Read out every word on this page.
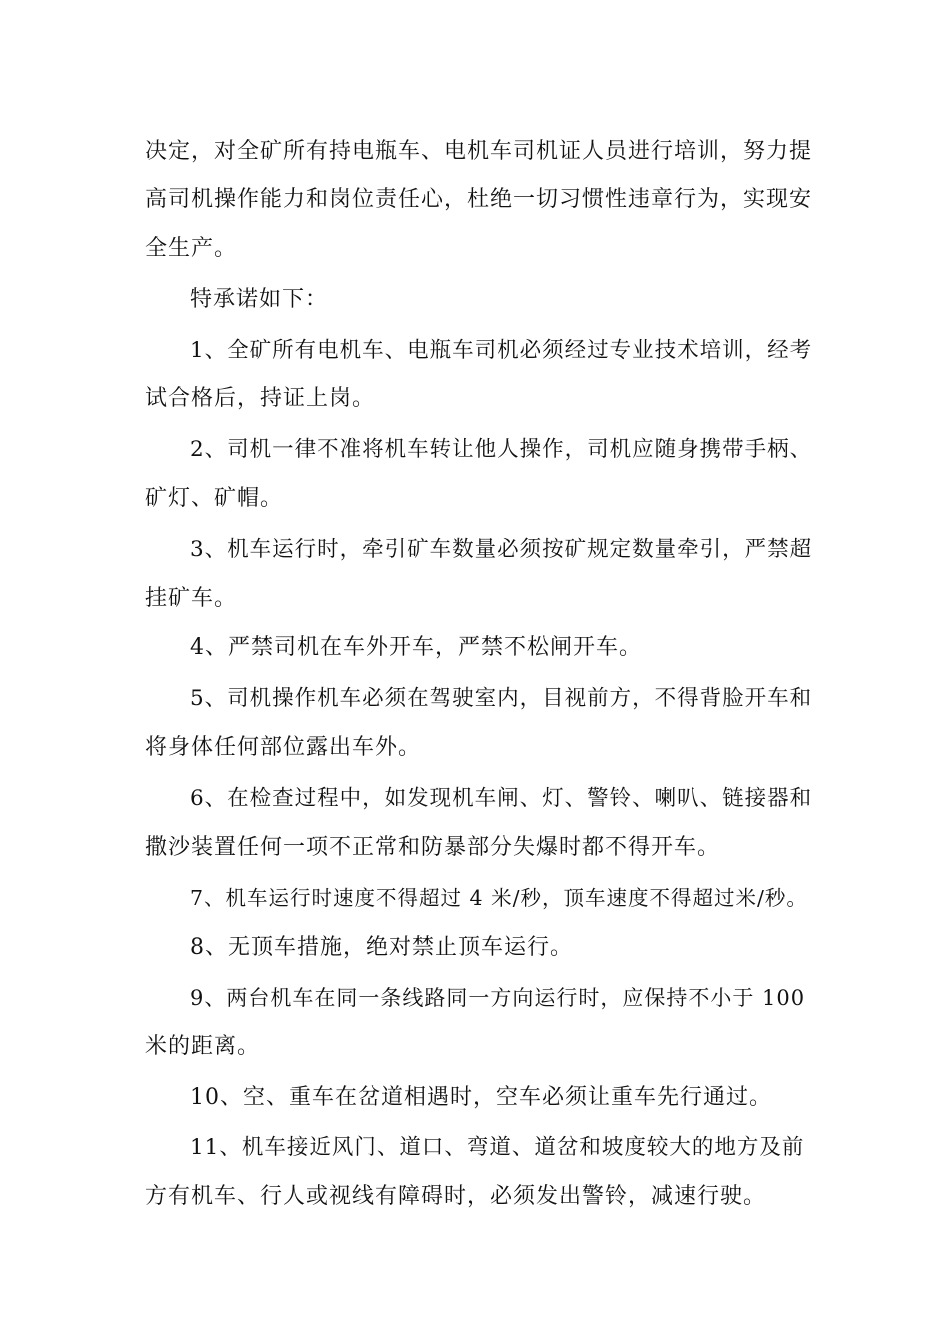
决定，对全矿所有持电瓶车、电机车司机证人员进行培训，努力提
高司机操作能力和岗位责任心，杜绝一切习惯性违章行为，实现安
全生产。
特承诺如下：
1、全矿所有电机车、电瓶车司机必须经过专业技术培训，经考
试合格后，持证上岗。
2、司机一律不准将机车转让他人操作，司机应随身携带手柄、
矿灯、矿帽。
3、机车运行时，牵引矿车数量必须按矿规定数量牵引，严禁超
挂矿车。
4、严禁司机在车外开车，严禁不松闸开车。
5、司机操作机车必须在驾驶室内，目视前方，不得背脸开车和
将身体任何部位露出车外。
6、在检查过程中，如发现机车闸、灯、警铃、喇叭、链接器和
撒沙装置任何一项不正常和防暴部分失爆时都不得开车。
7、机车运行时速度不得超过 4 米/秒，顶车速度不得超过米/秒。
8、无顶车措施，绝对禁止顶车运行。
9、两台机车在同一条线路同一方向运行时，应保持不小于 100
米的距离。
10、空、重车在岔道相遇时，空车必须让重车先行通过。
11、机车接近风门、道口、弯道、道岔和坡度较大的地方及前
方有机车、行人或视线有障碍时，必须发出警铃，减速行驶。
